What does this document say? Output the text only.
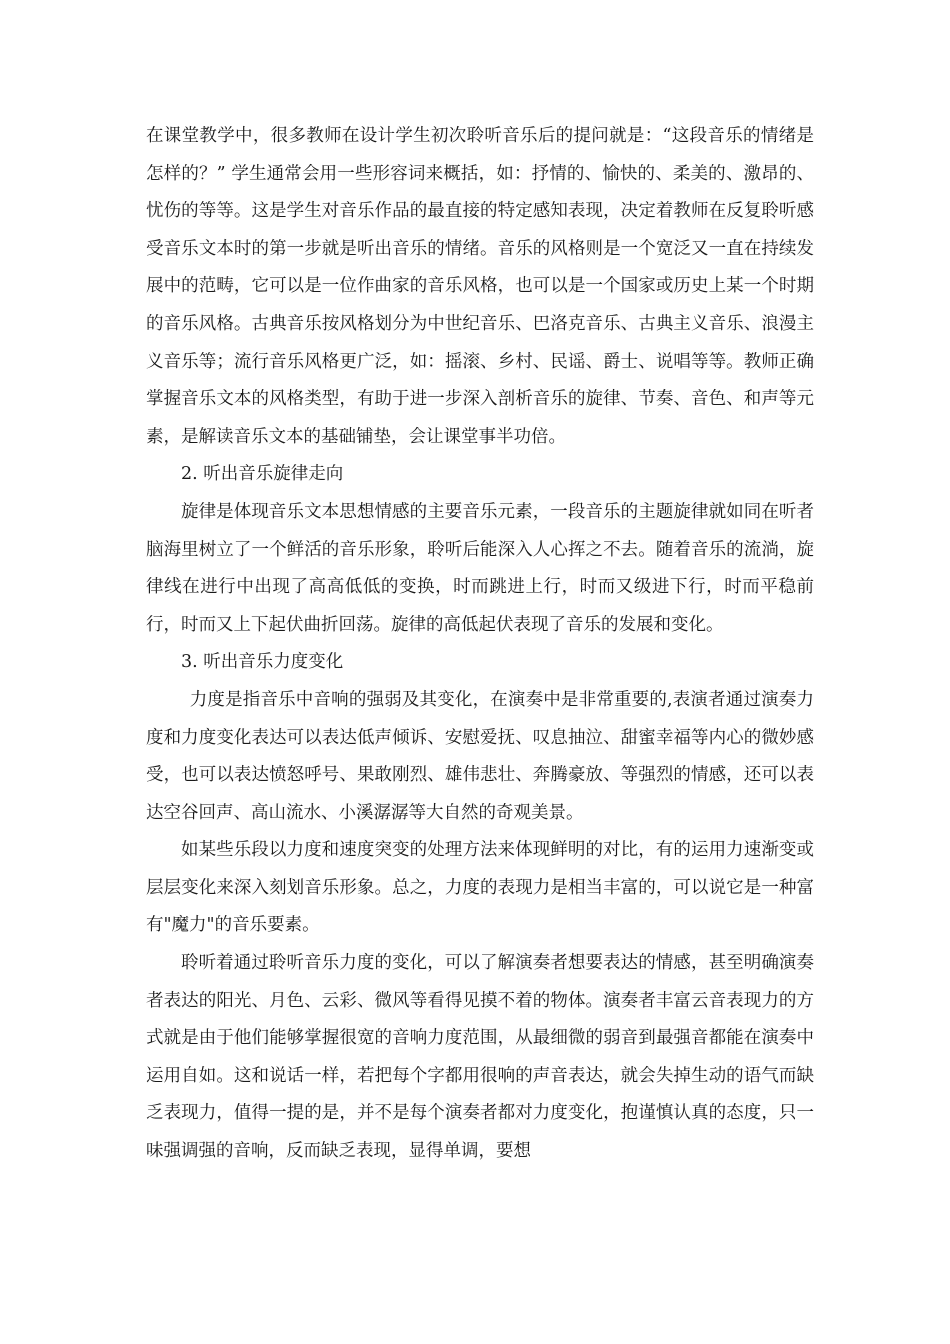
在课堂教学中，很多教师在设计学生初次聆听音乐后的提问就是：“这段音乐的情绪是怎样的？” 学生通常会用一些形容词来概括，如：抒情的、愉快的、柔美的、激昂的、忧伤的等等。这是学生对音乐作品的最直接的特定感知表现，决定着教师在反复聆听感受音乐文本时的第一步就是听出音乐的情绪。音乐的风格则是一个宽泛又一直在持续发展中的范畴，它可以是一位作曲家的音乐风格，也可以是一个国家或历史上某一个时期的音乐风格。古典音乐按风格划分为中世纪音乐、巴洛克音乐、古典主义音乐、浪漫主义音乐等；流行音乐风格更广泛，如：摇滚、乡村、民谣、爵士、说唱等等。教师正确掌握音乐文本的风格类型，有助于进一步深入剖析音乐的旋律、节奏、音色、和声等元素，是解读音乐文本的基础铺垫，会让课堂事半功倍。

2. 听出音乐旋律走向

旋律是体现音乐文本思想情感的主要音乐元素，一段音乐的主题旋律就如同在听者脑海里树立了一个鲜活的音乐形象，聆听后能深入人心挥之不去。随着音乐的流淌，旋律线在进行中出现了高高低低的变换，时而跳进上行，时而又级进下行，时而平稳前行，时而又上下起伏曲折回荡。旋律的高低起伏表现了音乐的发展和变化。

3. 听出音乐力度变化

力度是指音乐中音响的强弱及其变化，在演奏中是非常重要的,表演者通过演奏力度和力度变化表达可以表达低声倾诉、安慰爱抚、叹息抽泣、甜蜜幸福等内心的微妙感受，也可以表达愤怒呼号、果敢刚烈、雄伟悲壮、奔腾豪放、等强烈的情感，还可以表达空谷回声、高山流水、小溪潺潺等大自然的奇观美景。

如某些乐段以力度和速度突变的处理方法来体现鲜明的对比，有的运用力速渐变或层层变化来深入刻划音乐形象。总之，力度的表现力是相当丰富的，可以说它是一种富有"魔力"的音乐要素。

聆听着通过聆听音乐力度的变化，可以了解演奏者想要表达的情感，甚至明确演奏者表达的阳光、月色、云彩、微风等看得见摸不着的物体。演奏者丰富云音表现力的方式就是由于他们能够掌握很宽的音响力度范围，从最细微的弱音到最强音都能在演奏中运用自如。这和说话一样，若把每个字都用很响的声音表达，就会失掉生动的语气而缺乏表现力，值得一提的是，并不是每个演奏者都对力度变化，抱谨慎认真的态度，只一味强调强的音响，反而缺乏表现，显得单调，要想
